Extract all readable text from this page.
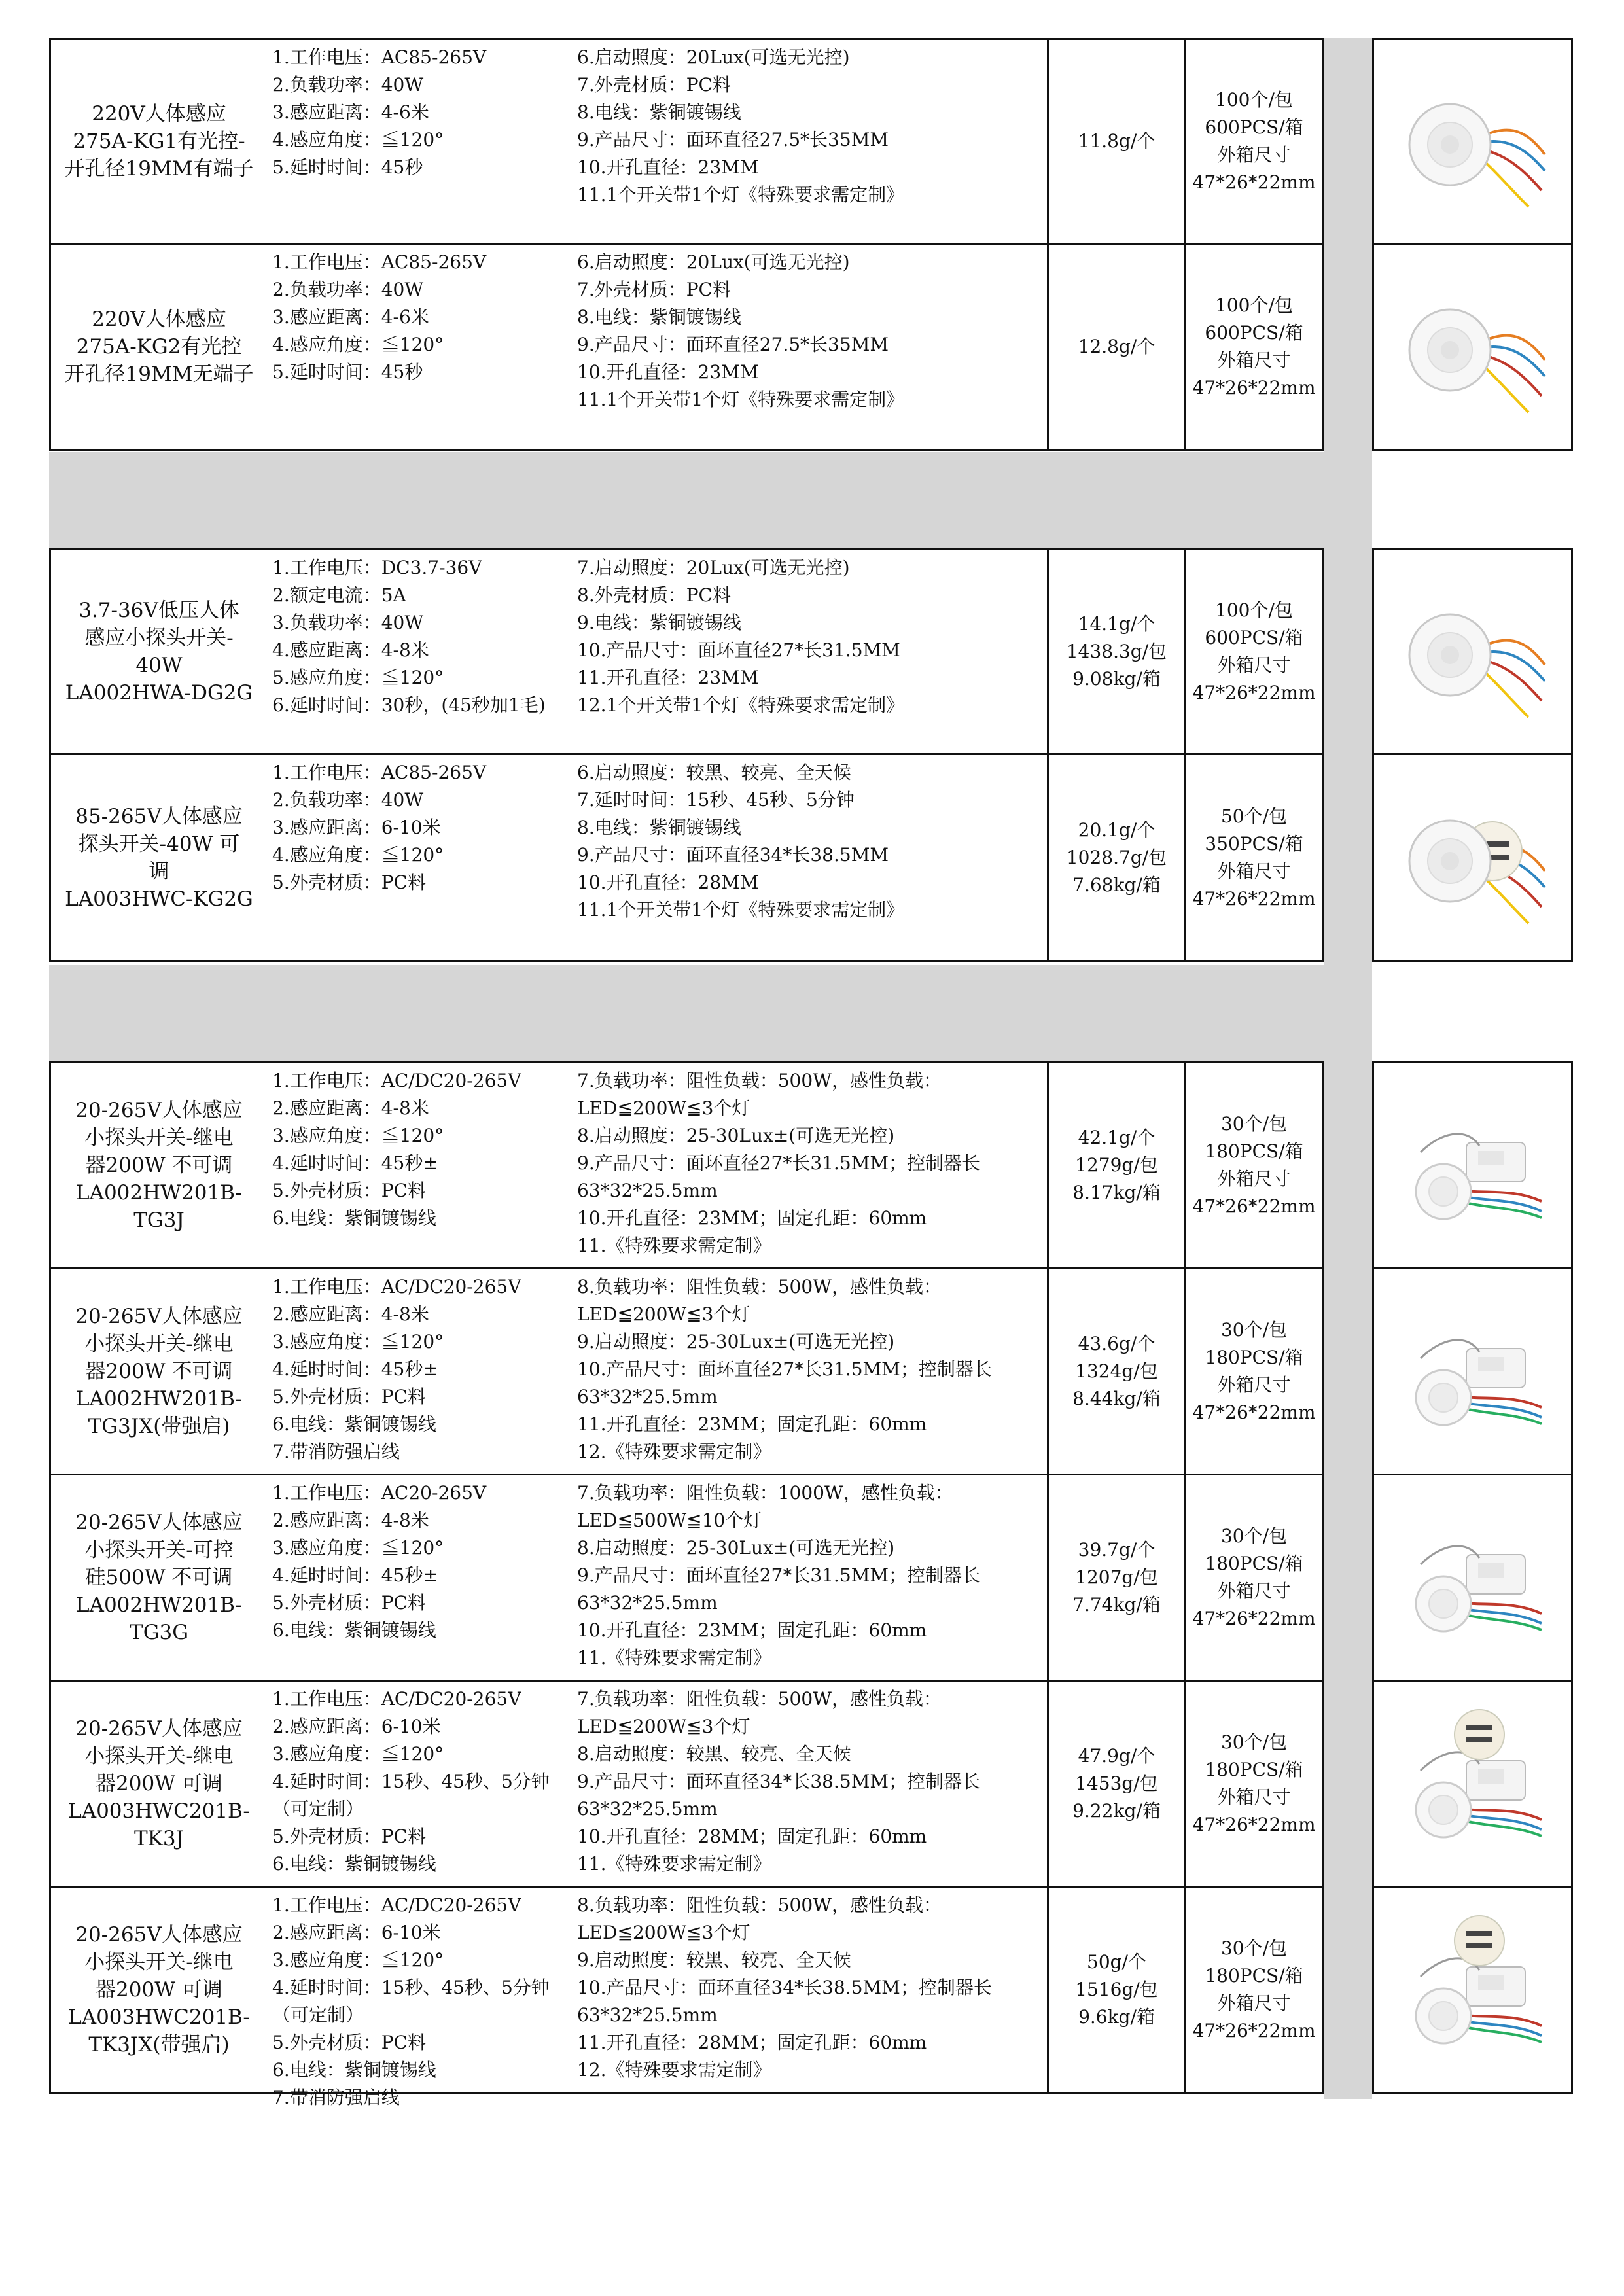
220V人体感应
275A-KG1有光控-
开孔径19MM有端子
1.工作电压：AC85-265V
2.负载功率：40W
3.感应距离：4-6米
4.感应角度：≦120°
5.延时时间：45秒
6.启动照度：20Lux(可选无光控)
7.外壳材质：PC料
8.电线：紫铜镀锡线
9.产品尺寸：面环直径27.5*长35MM
10.开孔直径：23MM
11.1个开关带1个灯《特殊要求需定制》
11.8g/个
100个/包
600PCS/箱
外箱尺寸
47*26*22mm
220V人体感应
275A-KG2有光控
开孔径19MM无端子
1.工作电压：AC85-265V
2.负载功率：40W
3.感应距离：4-6米
4.感应角度：≦120°
5.延时时间：45秒
6.启动照度：20Lux(可选无光控)
7.外壳材质：PC料
8.电线：紫铜镀锡线
9.产品尺寸：面环直径27.5*长35MM
10.开孔直径：23MM
11.1个开关带1个灯《特殊要求需定制》
12.8g/个
100个/包
600PCS/箱
外箱尺寸
47*26*22mm
3.7-36V低压人体
感应小探头开关-
40W
LA002HWA-DG2G
1.工作电压：DC3.7-36V
2.额定电流：5A
3.负载功率：40W
4.感应距离：4-8米
5.感应角度：≦120°
6.延时时间：30秒，(45秒加1毛)
7.启动照度：20Lux(可选无光控)
8.外壳材质：PC料
9.电线：紫铜镀锡线
10.产品尺寸：面环直径27*长31.5MM
11.开孔直径：23MM
12.1个开关带1个灯《特殊要求需定制》
14.1g/个
1438.3g/包
9.08kg/箱
100个/包
600PCS/箱
外箱尺寸
47*26*22mm
85-265V人体感应
探头开关-40W 可
调
LA003HWC-KG2G
1.工作电压：AC85-265V
2.负载功率：40W
3.感应距离：6-10米
4.感应角度：≦120°
5.外壳材质：PC料
6.启动照度：较黑、较亮、全天候
7.延时时间：15秒、45秒、5分钟
8.电线：紫铜镀锡线
9.产品尺寸：面环直径34*长38.5MM
10.开孔直径：28MM
11.1个开关带1个灯《特殊要求需定制》
20.1g/个
1028.7g/包
7.68kg/箱
50个/包
350PCS/箱
外箱尺寸
47*26*22mm
20-265V人体感应
小探头开关-继电
器200W 不可调
LA002HW201B-TG3J
1.工作电压：AC/DC20-265V
2.感应距离：4-8米
3.感应角度：≦120°
4.延时时间：45秒±
5.外壳材质：PC料
6.电线：紫铜镀锡线
7.负载功率：阻性负载：500W，感性负载：LED≦200W≦3个灯
8.启动照度：25-30Lux±(可选无光控)
9.产品尺寸：面环直径27*长31.5MM；控制器长63*32*25.5mm
10.开孔直径：23MM；固定孔距：60mm
11.《特殊要求需定制》
42.1g/个
1279g/包
8.17kg/箱
30个/包
180PCS/箱
外箱尺寸
47*26*22mm
20-265V人体感应
小探头开关-继电
器200W 不可调
LA002HW201B-
TG3JX(带强启)
1.工作电压：AC/DC20-265V
2.感应距离：4-8米
3.感应角度：≦120°
4.延时时间：45秒±
5.外壳材质：PC料
6.电线：紫铜镀锡线
7.带消防强启线
8.负载功率：阻性负载：500W，感性负载：LED≦200W≦3个灯
9.启动照度：25-30Lux±(可选无光控)
10.产品尺寸：面环直径27*长31.5MM；控制器长63*32*25.5mm
11.开孔直径：23MM；固定孔距：60mm
12.《特殊要求需定制》
43.6g/个
1324g/包
8.44kg/箱
30个/包
180PCS/箱
外箱尺寸
47*26*22mm
20-265V人体感应
小探头开关-可控
硅500W 不可调
LA002HW201B-TG3G
1.工作电压：AC20-265V
2.感应距离：4-8米
3.感应角度：≦120°
4.延时时间：45秒±
5.外壳材质：PC料
6.电线：紫铜镀锡线
7.负载功率：阻性负载：1000W，感性负载：LED≦500W≦10个灯
8.启动照度：25-30Lux±(可选无光控)
9.产品尺寸：面环直径27*长31.5MM；控制器长63*32*25.5mm
10.开孔直径：23MM；固定孔距：60mm
11.《特殊要求需定制》
39.7g/个
1207g/包
7.74kg/箱
30个/包
180PCS/箱
外箱尺寸
47*26*22mm
20-265V人体感应
小探头开关-继电
器200W 可调
LA003HWC201B-
TK3J
1.工作电压：AC/DC20-265V
2.感应距离：6-10米
3.感应角度：≦120°
4.延时时间：15秒、45秒、5分钟（可定制）
5.外壳材质：PC料
6.电线：紫铜镀锡线
7.负载功率：阻性负载：500W，感性负载：LED≦200W≦3个灯
8.启动照度：较黑、较亮、全天候
9.产品尺寸：面环直径34*长38.5MM；控制器长63*32*25.5mm
10.开孔直径：28MM；固定孔距：60mm
11.《特殊要求需定制》
47.9g/个
1453g/包
9.22kg/箱
30个/包
180PCS/箱
外箱尺寸
47*26*22mm
20-265V人体感应
小探头开关-继电
器200W 可调
LA003HWC201B-
TK3JX(带强启)
1.工作电压：AC/DC20-265V
2.感应距离：6-10米
3.感应角度：≦120°
4.延时时间：15秒、45秒、5分钟（可定制）
5.外壳材质：PC料
6.电线：紫铜镀锡线
7.带消防强启线
8.负载功率：阻性负载：500W，感性负载：LED≦200W≦3个灯
9.启动照度：较黑、较亮、全天候
10.产品尺寸：面环直径34*长38.5MM；控制器长63*32*25.5mm
11.开孔直径：28MM；固定孔距：60mm
12.《特殊要求需定制》
50g/个
1516g/包
9.6kg/箱
30个/包
180PCS/箱
外箱尺寸
47*26*22mm
